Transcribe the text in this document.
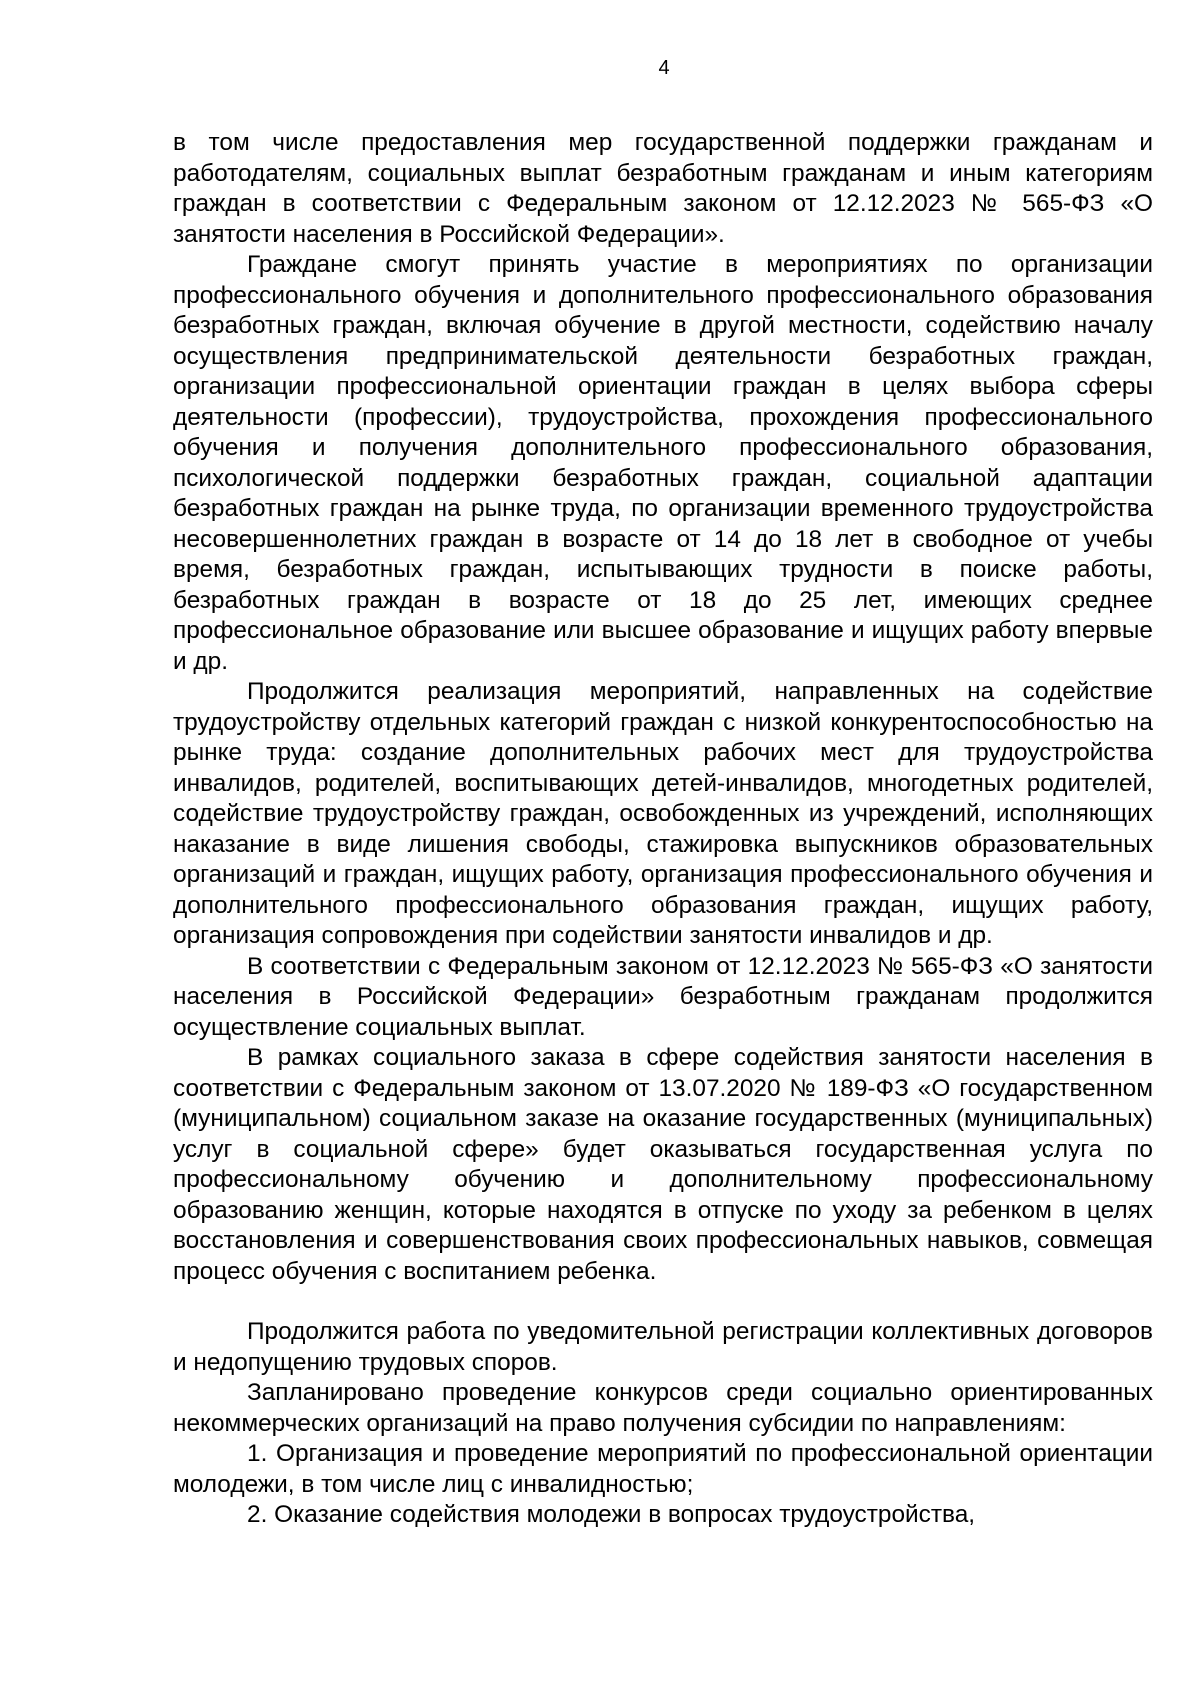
4

в том числе предоставления мер государственной поддержки гражданам и работодателям, социальных выплат безработным гражданам и иным категориям граждан в соответствии с Федеральным законом от 12.12.2023 № 565-ФЗ «О занятости населения в Российской Федерации».

Граждане смогут принять участие в мероприятиях по организации профессионального обучения и дополнительного профессионального образования безработных граждан, включая обучение в другой местности, содействию началу осуществления предпринимательской деятельности безработных граждан, организации профессиональной ориентации граждан в целях выбора сферы деятельности (профессии), трудоустройства, прохождения профессионального обучения и получения дополнительного профессионального образования, психологической поддержки безработных граждан, социальной адаптации безработных граждан на рынке труда, по организации временного трудоустройства несовершеннолетних граждан в возрасте от 14 до 18 лет в свободное от учебы время, безработных граждан, испытывающих трудности в поиске работы, безработных граждан в возрасте от 18 до 25 лет, имеющих среднее профессиональное образование или высшее образование и ищущих работу впервые и др.

Продолжится реализация мероприятий, направленных на содействие трудоустройству отдельных категорий граждан с низкой конкурентоспособностью на рынке труда: создание дополнительных рабочих мест для трудоустройства инвалидов, родителей, воспитывающих детей-инвалидов, многодетных родителей, содействие трудоустройству граждан, освобожденных из учреждений, исполняющих наказание в виде лишения свободы, стажировка выпускников образовательных организаций и граждан, ищущих работу, организация профессионального обучения и дополнительного профессионального образования граждан, ищущих работу, организация сопровождения при содействии занятости инвалидов и др.

В соответствии с Федеральным законом от 12.12.2023 № 565-ФЗ «О занятости населения в Российской Федерации» безработным гражданам продолжится осуществление социальных выплат.

В рамках социального заказа в сфере содействия занятости населения в соответствии с Федеральным законом от 13.07.2020 № 189-ФЗ «О государственном (муниципальном) социальном заказе на оказание государственных (муниципальных) услуг в социальной сфере» будет оказываться государственная услуга по профессиональному обучению и дополнительному профессиональному образованию женщин, которые находятся в отпуске по уходу за ребенком в целях восстановления и совершенствования своих профессиональных навыков, совмещая процесс обучения с воспитанием ребенка.

Продолжится работа по уведомительной регистрации коллективных договоров и недопущению трудовых споров.

Запланировано проведение конкурсов среди социально ориентированных некоммерческих организаций на право получения субсидии по направлениям:

1. Организация и проведение мероприятий по профессиональной ориентации молодежи, в том числе лиц с инвалидностью;

2. Оказание содействия молодежи в вопросах трудоустройства,
